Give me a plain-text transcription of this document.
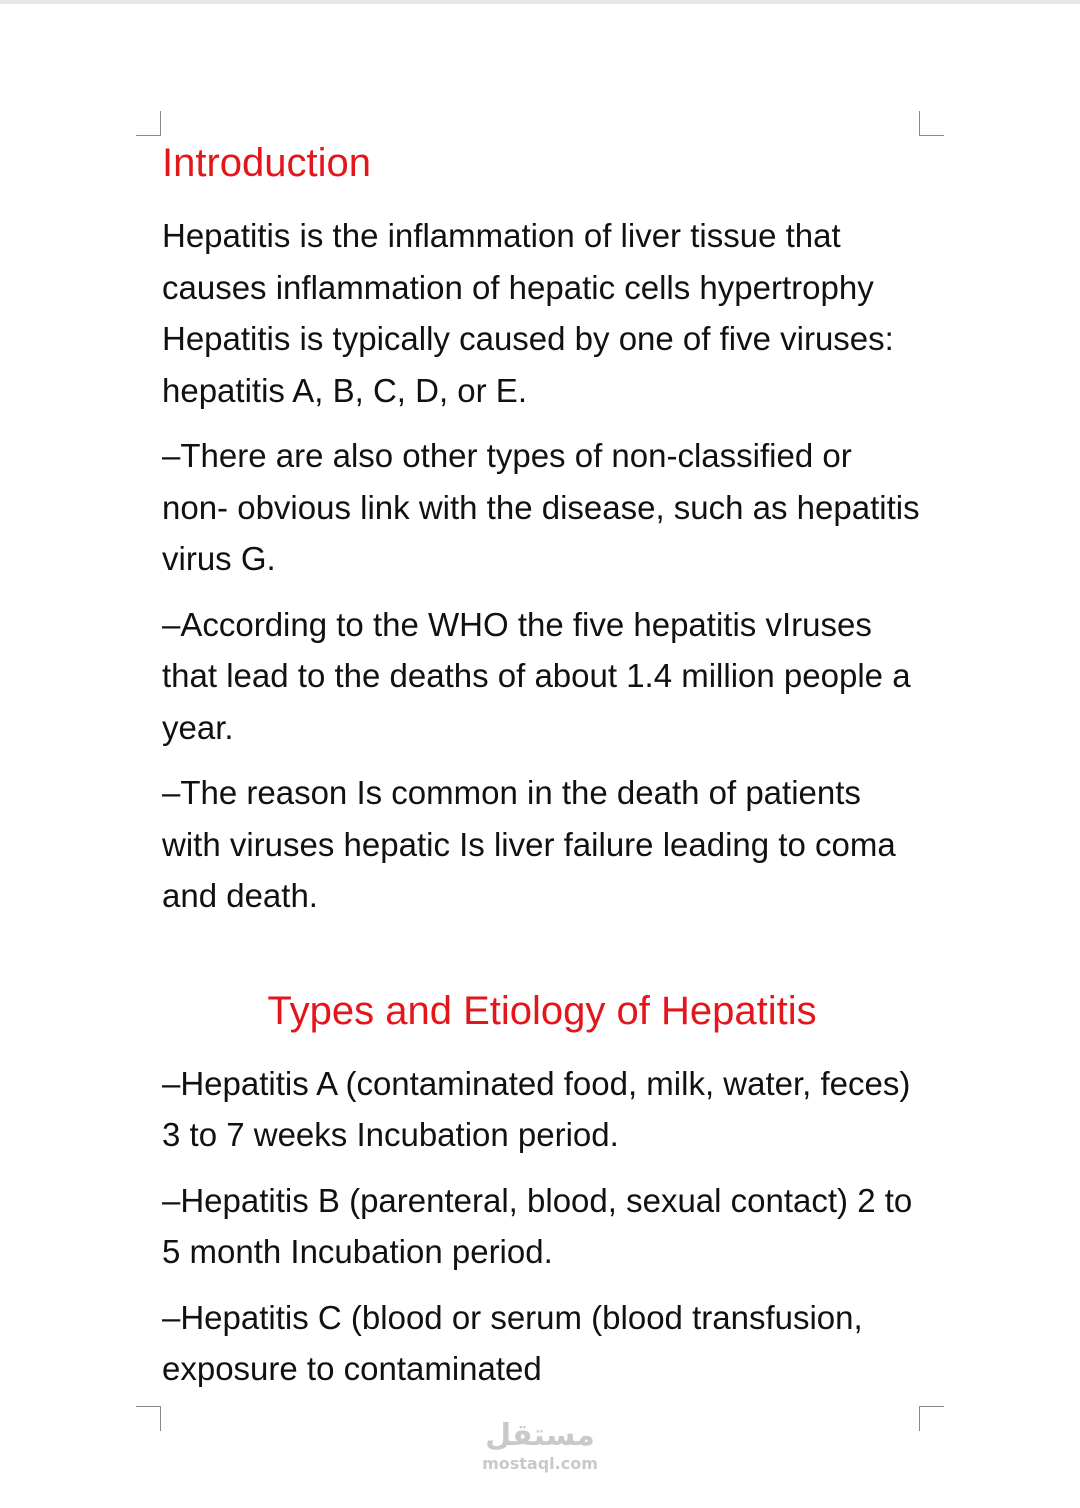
Introduction

Hepatitis is the inflammation of liver tissue that causes inflammation of hepatic cells hypertrophy Hepatitis is typically caused by one of five viruses: hepatitis A, B, C, D, or E.

–There are also other types of non-classified or non- obvious link with the disease, such as hepatitis virus G.

–According to the WHO the five hepatitis vIruses that lead to the deaths of about 1.4 million people a year.

–The reason Is common in the death of patients with viruses hepatic Is liver failure leading to coma and death.

Types and Etiology of Hepatitis

–Hepatitis A (contaminated food, milk, water, feces) 3 to 7 weeks Incubation period.

–Hepatitis B (parenteral, blood, sexual contact) 2 to 5 month Incubation period.

–Hepatitis C (blood or serum (blood transfusion, exposure to contaminated

مستقل
mostaql.com
